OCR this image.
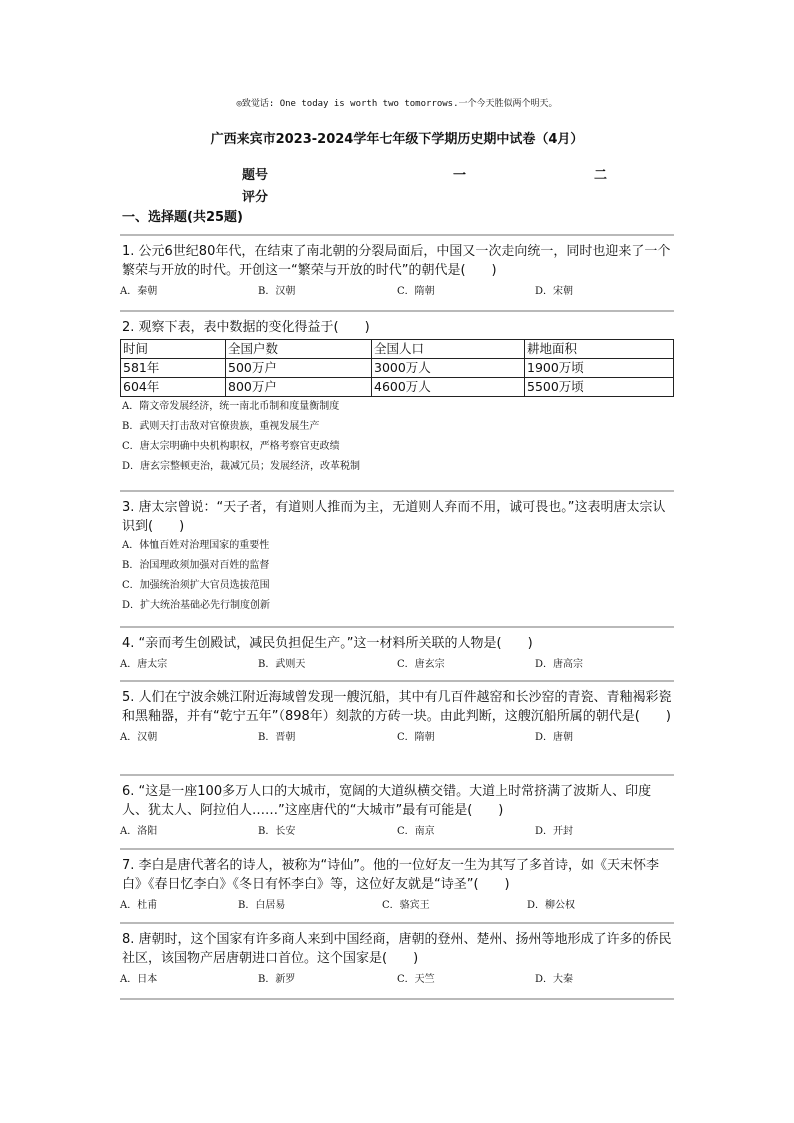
◎致觉话: One today is worth two tomorrows.一个今天胜似两个明天。
广西来宾市2023-2024学年七年级下学期历史期中试卷（4月）
题号	一	二
评分
一、选择题(共25题)
1. 公元6世纪80年代，在结束了南北朝的分裂局面后，中国又一次走向统一，同时也迎来了一个繁荣与开放的时代。开创这一“繁荣与开放的时代”的朝代是(　　)
A．秦朝	B．汉朝	C．隋朝	D．宋朝
2. 观察下表，表中数据的变化得益于(　　)
时间	全国户数	全国人口	耕地面积
581年	500万户	3000万人	1900万顷
604年	800万户	4600万人	5500万顷
A．隋文帝发展经济，统一南北币制和度量衡制度
B．武则天打击敌对官僚贵族，重视发展生产
C．唐太宗明确中央机构职权，严格考察官吏政绩
D．唐玄宗整顿吏治，裁减冗员；发展经济，改革税制
3. 唐太宗曾说：“天子者，有道则人推而为主，无道则人弃而不用，诚可畏也。”这表明唐太宗认识到(　　)
A．体恤百姓对治理国家的重要性
B．治国理政须加强对百姓的监督
C．加强统治须扩大官员选拔范围
D．扩大统治基础必先行制度创新
4. “亲而考生创殿试，减民负担促生产。”这一材料所关联的人物是(　　)
A．唐太宗	B．武则天	C．唐玄宗	D．唐高宗
5. 人们在宁波余姚江附近海域曾发现一艘沉船，其中有几百件越窑和长沙窑的青瓷、青釉褐彩瓷和黑釉器，并有“乾宁五年”（898年）刻款的方砖一块。由此判断，这艘沉船所属的朝代是(　　)
A．汉朝	B．晋朝	C．隋朝	D．唐朝
6. “这是一座100多万人口的大城市，宽阔的大道纵横交错。大道上时常挤满了波斯人、印度人、犹太人、阿拉伯人……”这座唐代的“大城市”最有可能是(　　)
A．洛阳	B．长安	C．南京	D．开封
7. 李白是唐代著名的诗人，被称为“诗仙”。他的一位好友一生为其写了多首诗，如《天末怀李白》《春日忆李白》《冬日有怀李白》等，这位好友就是“诗圣”(　　)
A．杜甫	B．白居易	C．骆宾王	D．柳公权
8. 唐朝时，这个国家有许多商人来到中国经商，唐朝的登州、楚州、扬州等地形成了许多的侨民社区，该国物产居唐朝进口首位。这个国家是(　　)
A．日本	B．新罗	C．天竺	D．大秦
